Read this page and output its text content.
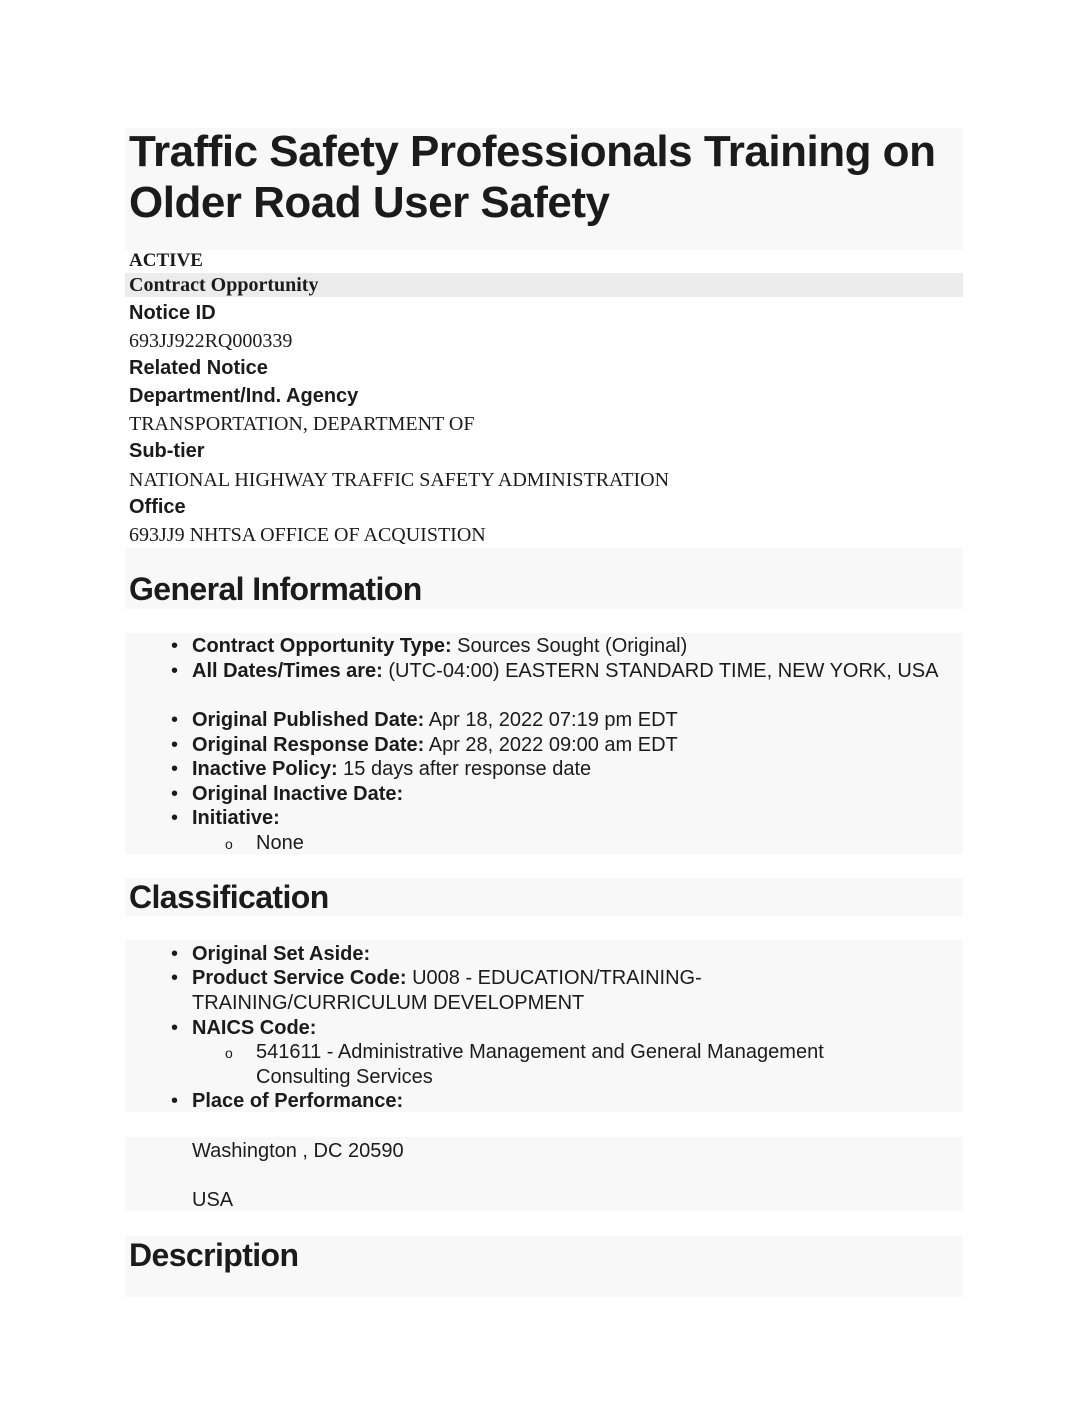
Traffic Safety Professionals Training on Older Road User Safety
ACTIVE
Contract Opportunity
Notice ID
693JJ922RQ000339
Related Notice
Department/Ind. Agency
TRANSPORTATION, DEPARTMENT OF
Sub-tier
NATIONAL HIGHWAY TRAFFIC SAFETY ADMINISTRATION
Office
693JJ9 NHTSA OFFICE OF ACQUISTION
General Information
• Contract Opportunity Type: Sources Sought (Original)
• All Dates/Times are: (UTC-04:00) EASTERN STANDARD TIME, NEW YORK, USA
• Original Published Date: Apr 18, 2022 07:19 pm EDT
• Original Response Date: Apr 28, 2022 09:00 am EDT
• Inactive Policy: 15 days after response date
• Original Inactive Date:
• Initiative:
o None
Classification
• Original Set Aside:
• Product Service Code: U008 - EDUCATION/TRAINING- TRAINING/CURRICULUM DEVELOPMENT
• NAICS Code:
o 541611 - Administrative Management and General Management Consulting Services
• Place of Performance:
Washington , DC 20590
USA
Description
